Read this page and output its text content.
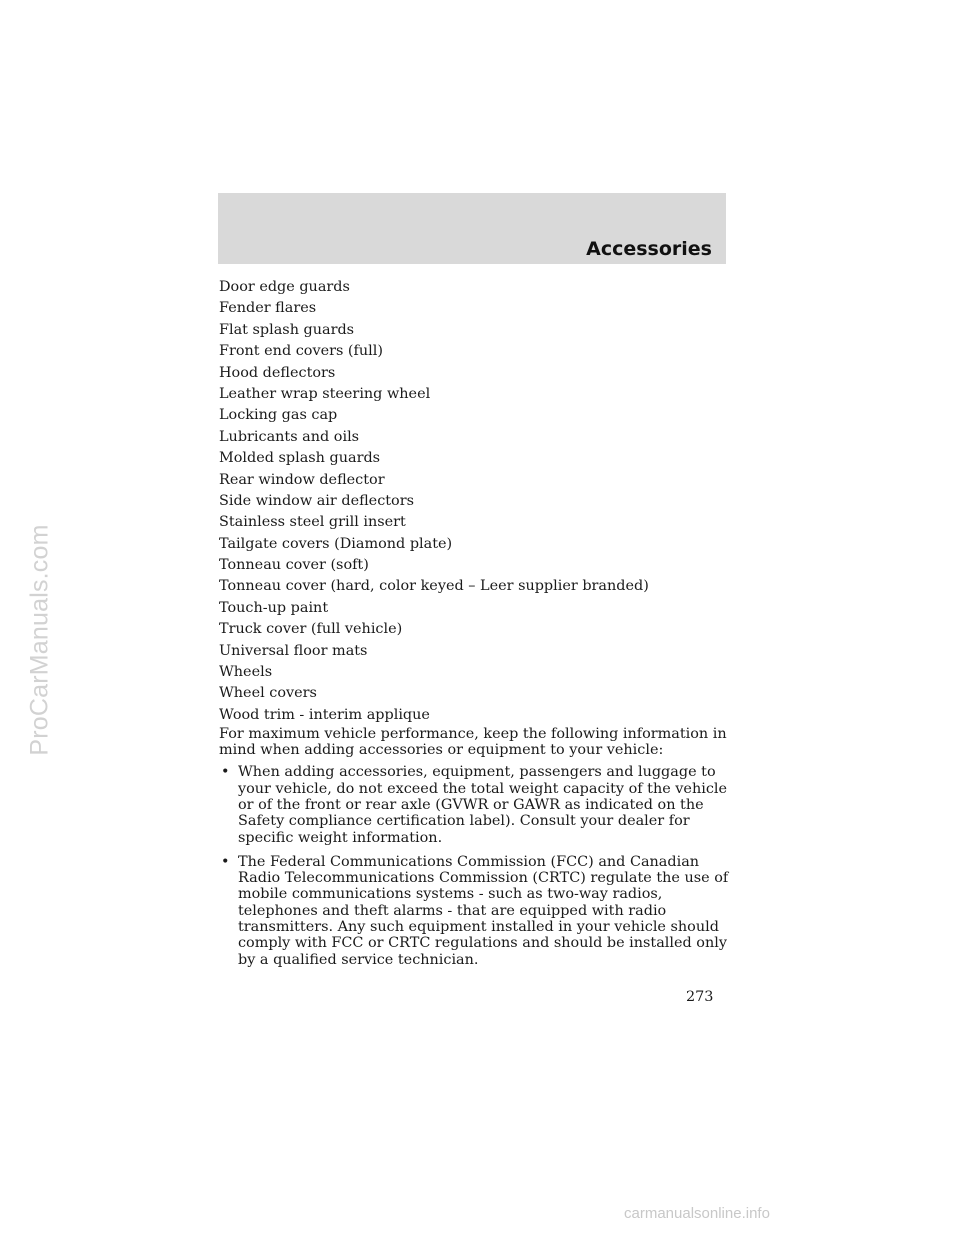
ProCarManuals.com
Accessories
Door edge guards
Fender flares
Flat splash guards
Front end covers (full)
Hood deflectors
Leather wrap steering wheel
Locking gas cap
Lubricants and oils
Molded splash guards
Rear window deflector
Side window air deflectors
Stainless steel grill insert
Tailgate covers (Diamond plate)
Tonneau cover (soft)
Tonneau cover (hard, color keyed – Leer supplier branded)
Touch-up paint
Truck cover (full vehicle)
Universal floor mats
Wheels
Wheel covers
Wood trim - interim applique

For maximum vehicle performance, keep the following information in mind when adding accessories or equipment to your vehicle:

• When adding accessories, equipment, passengers and luggage to your vehicle, do not exceed the total weight capacity of the vehicle or of the front or rear axle (GVWR or GAWR as indicated on the Safety compliance certification label). Consult your dealer for specific weight information.
• The Federal Communications Commission (FCC) and Canadian Radio Telecommunications Commission (CRTC) regulate the use of mobile communications systems - such as two-way radios, telephones and theft alarms - that are equipped with radio transmitters. Any such equipment installed in your vehicle should comply with FCC or CRTC regulations and should be installed only by a qualified service technician.
273
carmanualsonline.info
